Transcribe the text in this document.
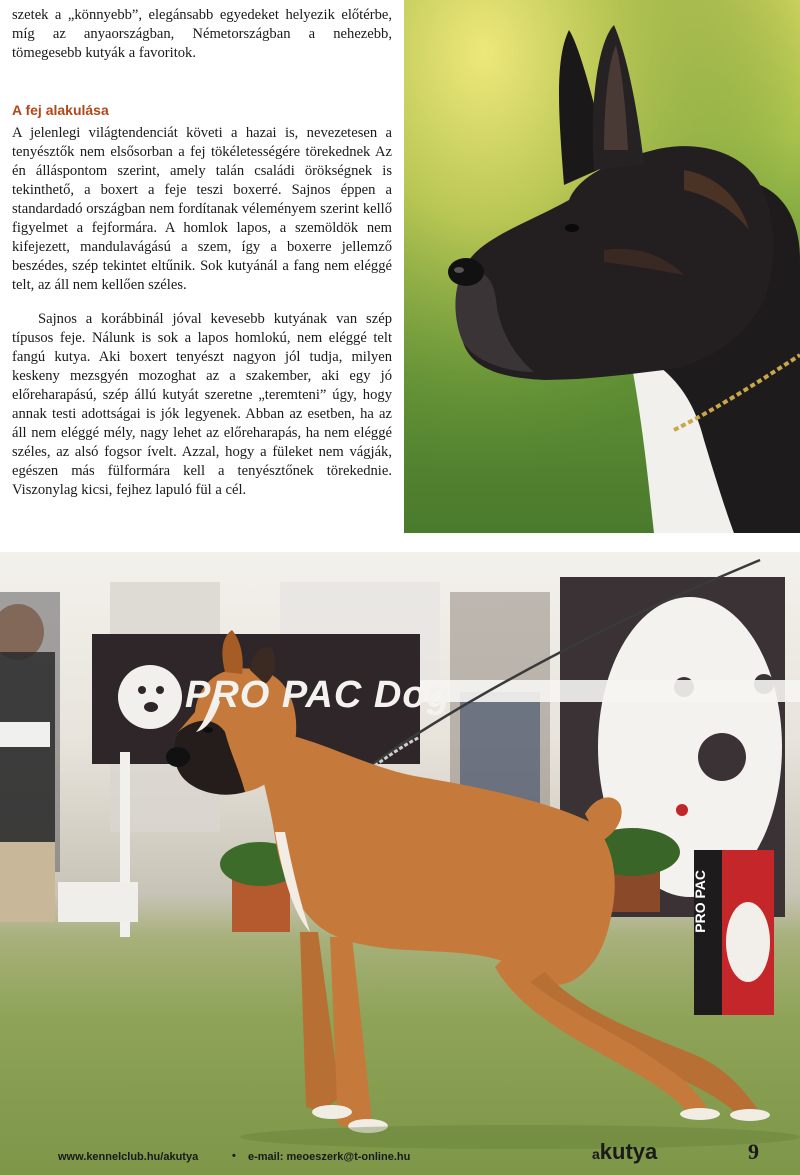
szetek a „könnyebb”, elegánsabb egyedeket helyezik előtérbe, míg az anyaországban, Németországban a nehezebb, tömegesebb kutyák a favoritok.

A fej alakulása

A jelenlegi világtendenciát követi a hazai is, nevezetesen a tenyésztők nem elsősorban a fej tökéletességére törekednek Az én álláspontom szerint, amely talán családi örökségnek is tekinthető, a boxert a feje teszi boxerré. Sajnos éppen a standardadó országban nem fordítanak véleményem szerint kellő figyelmet a fejformára. A homlok lapos, a szemöldök nem kifejezett, mandulavágású a szem, így a boxerre jellemző beszédes, szép tekintet eltűnik. Sok kutyánál a fang nem eléggé telt, az áll nem kellően széles.

Sajnos a korábbinál jóval kevesebb kutyának van szép típusos feje. Nálunk is sok a lapos homlokú, nem eléggé telt fangú kutya. Aki boxert tenyészt nagyon jól tudja, milyen keskeny mezsgyén mozoghat az a szakember, aki egy jó előreharapású, szép állú kutyát szeretne „teremteni” úgy, hogy annak testi adottságai is jók legyenek. Abban az esetben, ha az áll nem eléggé mély, nagy lehet az előreharapás, ha nem eléggé széles, az alsó fogsor ívelt. Azzal, hogy a füleket nem vágják, egészen más fülformára kell a tenyésztőnek törekednie. Viszonylag kicsi, fejhez lapuló fül a cél.

PRO PAC Dog
PRO PAC
www.kennelclub.hu/akutya	• e-mail: meoeszerk@t-online.hu	akutya	9
